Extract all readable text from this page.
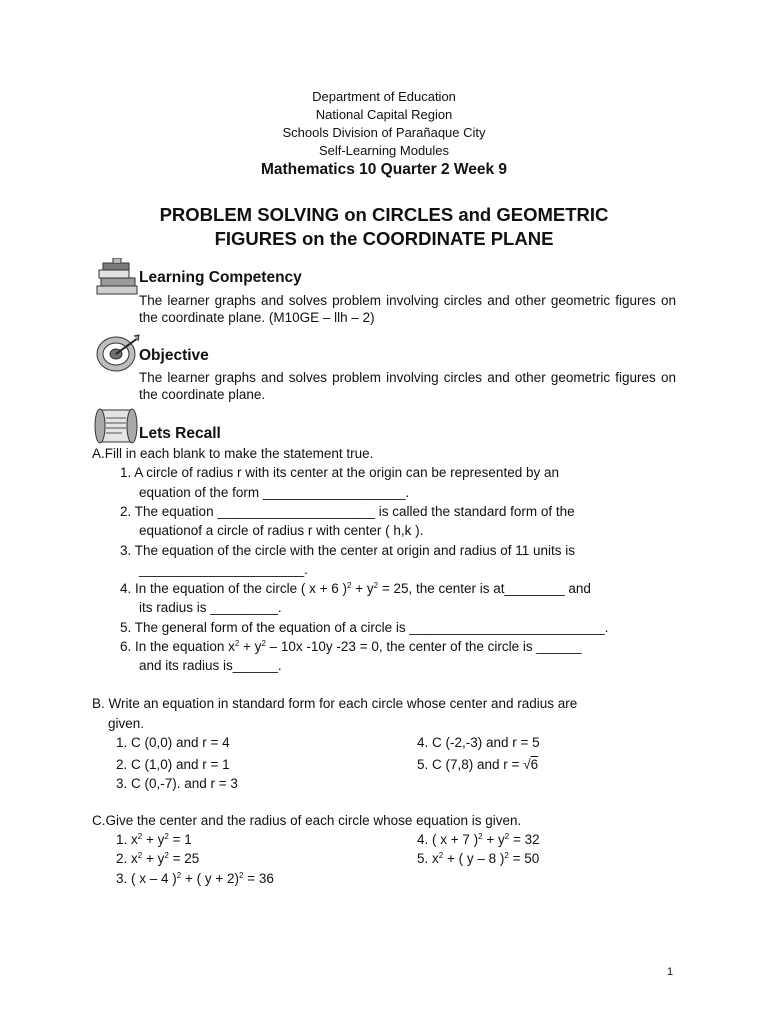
Department of Education
National Capital Region
Schools Division of Parañaque City
Self-Learning Modules
Mathematics 10 Quarter 2 Week 9
PROBLEM SOLVING on CIRCLES and GEOMETRIC
FIGURES on the COORDINATE PLANE
Learning Competency
The learner graphs and solves problem involving circles and other geometric figures on the coordinate plane. (M10GE – llh – 2)
Objective
The learner graphs and solves problem involving circles and other geometric figures on the coordinate plane.
Lets Recall
A.Fill in each blank to make the statement true.
1. A circle of radius r with its center at the origin can be represented by an
equation of the form ___________________.
2. The equation _____________________ is called the standard form of the
equationof a circle of radius r with center ( h,k ).
3. The equation of the circle with the center at origin and radius of 11 units is
______________________.
4. In the equation of the circle ( x + 6 )$^2 + y^2 = 25$, the center is at________ and
its radius is _________.
5. The general form of the equation of a circle is __________________________.
6. In the equation $x^2 + y^2 - 10x$ -10y -23 = 0, the center of the circle is ______
and its radius is______.
B. Write an equation in standard form for each circle whose center and radius are
given.
1. C (0,0) and r = 4
2. C (1,0) and r = 1
3. C (0,-7). and r = 3
4. C (-2,-3) and r = 5
5. C (7,8) and r = √6
C.Give the center and the radius of each circle whose equation is given.
1. $x^2 + y^2 = 1$
2. $x^2 + y^2 = 25$
3. ( x – 4 )$^2$ + ( y + 2)$^2$ = 36
4. ( x + 7 )$^2 + y^2 = 32$
5. $x^2$ + ( y – 8 )$^2$ = 50
1
